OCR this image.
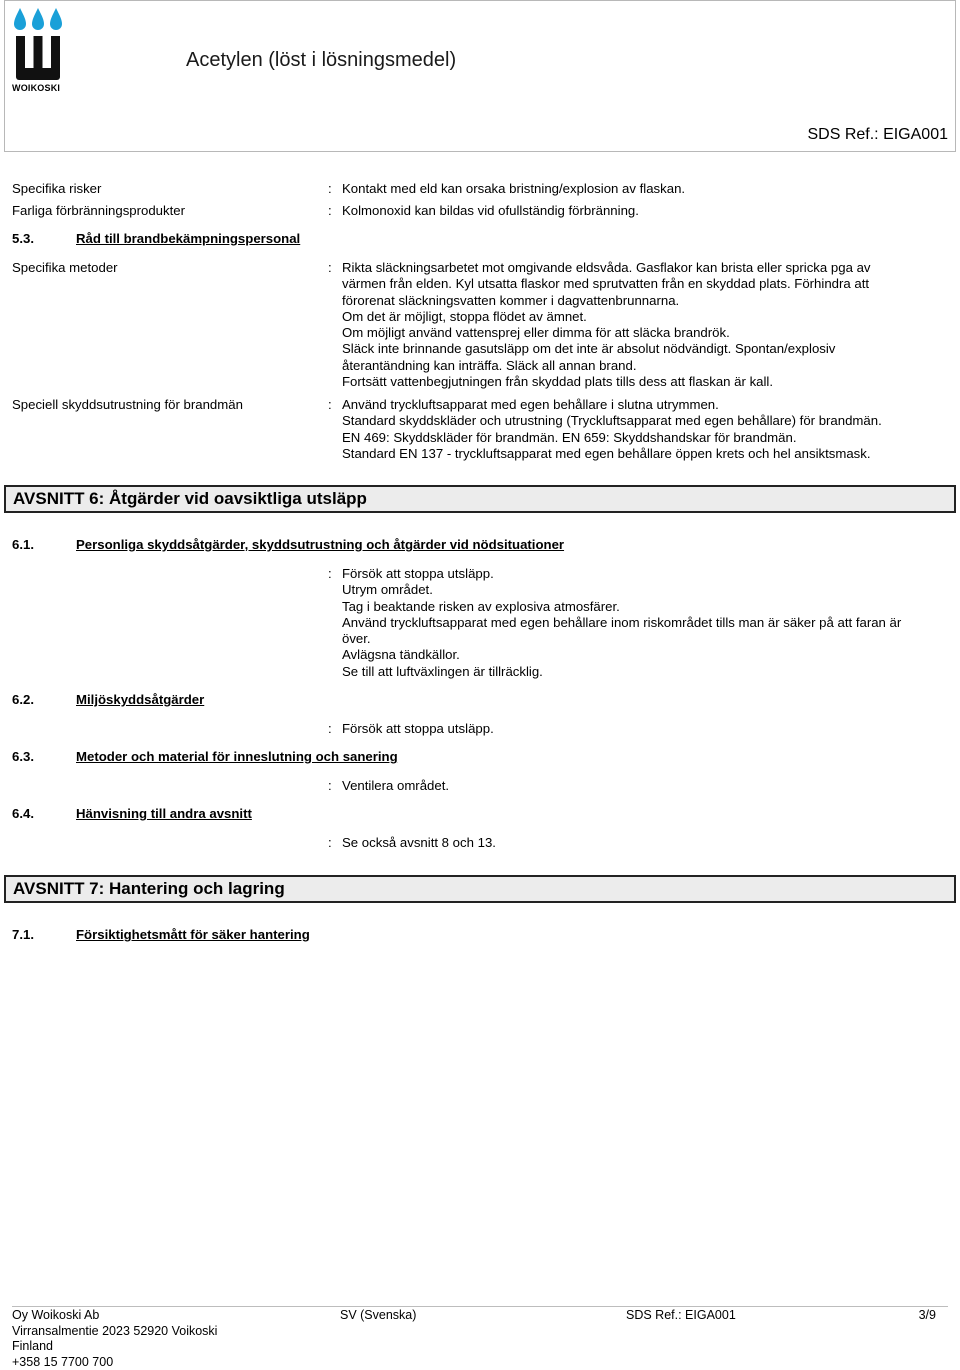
WOIKOSKI
Acetylen (löst i lösningsmedel)
SDS Ref.: EIGA001
Specifika risker	: Kontakt med eld kan orsaka bristning/explosion av flaskan.
Farliga förbränningsprodukter	: Kolmonoxid kan bildas vid ofullständig förbränning.
5.3.	Råd till brandbekämpningspersonal
Specifika metoder	: Rikta släckningsarbetet mot omgivande eldsvåda. Gasflakor kan brista eller spricka pga av
värmen från elden. Kyl utsatta flaskor med sprutvatten från en skyddad plats. Förhindra att
förorenat släckningsvatten kommer i dagvattenbrunnarna.
Om det är möjligt, stoppa flödet av ämnet.
Om möjligt använd vattensprej eller dimma för att släcka brandrök.
Släck inte brinnande gasutsläpp om det inte är absolut nödvändigt. Spontan/explosiv
återantändning kan inträffa. Släck all annan brand.
Fortsätt vattenbegjutningen från skyddad plats tills dess att flaskan är kall.
Speciell skyddsutrustning för brandmän	: Använd tryckluftsapparat med egen behållare i slutna utrymmen.
Standard skyddskläder och utrustning (Tryckluftsapparat med egen behållare) för brandmän.
EN 469: Skyddskläder för brandmän. EN 659: Skyddshandskar för brandmän.
Standard EN 137 - tryckluftsapparat med egen behållare öppen krets och hel ansiktsmask.
AVSNITT 6: Åtgärder vid oavsiktliga utsläpp
6.1.	Personliga skyddsåtgärder, skyddsutrustning och åtgärder vid nödsituationer
: Försök att stoppa utsläpp.
Utrym området.
Tag i beaktande risken av explosiva atmosfärer.
Använd tryckluftsapparat med egen behållare inom riskområdet tills man är säker på att faran är
över.
Avlägsna tändkällor.
Se till att luftväxlingen är tillräcklig.
6.2.	Miljöskyddsåtgärder
: Försök att stoppa utsläpp.
6.3.	Metoder och material för inneslutning och sanering
: Ventilera området.
6.4.	Hänvisning till andra avsnitt
: Se också avsnitt 8 och 13.
AVSNITT 7: Hantering och lagring
7.1.	Försiktighetsmått för säker hantering
Oy Woikoski Ab
Virransalmentie 2023 52920 Voikoski
Finland
+358 15 7700 700
SV (Svenska)	SDS Ref.: EIGA001	3/9
